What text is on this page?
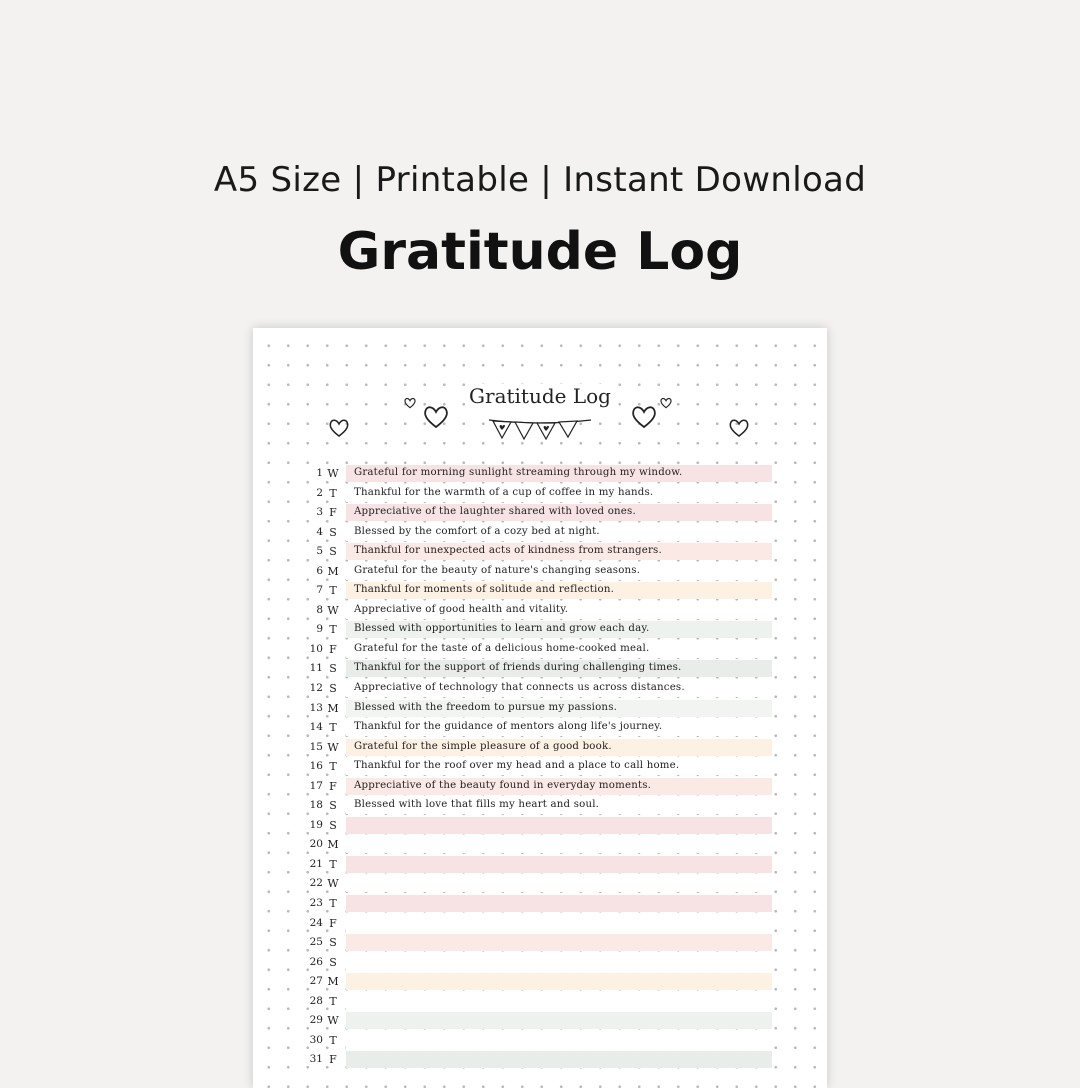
A5 Size | Printable | Instant Download
Gratitude Log
Gratitude Log
1 W Grateful for morning sunlight streaming through my window.
2 T	Thankful for the warmth of a cup of coffee in my hands.
3 F	Appreciative of the laughter shared with loved ones.
4 S	Blessed by the comfort of a cozy bed at night.
5 S	Thankful for unexpected acts of kindness from strangers.
6 M Grateful for the beauty of nature's changing seasons.
7 T	Thankful for moments of solitude and reflection.
8 W Appreciative of good health and vitality.
9 T	Blessed with opportunities to learn and grow each day.
10 F	Grateful for the taste of a delicious home-cooked meal.
11 S	Thankful for the support of friends during challenging times.
12 S	Appreciative of technology that connects us across distances.
13 M Blessed with the freedom to pursue my passions.
14 T	Thankful for the guidance of mentors along life's journey.
15 W Grateful for the simple pleasure of a good book.
16 T	Thankful for the roof over my head and a place to call home.
17 F	Appreciative of the beauty found in everyday moments.
18 S	Blessed with love that fills my heart and soul.
19 S
20 M
21 T
22 W
23 T
24 F
25 S
26 S
27 M
28 T
29 W
30 T
31 F
